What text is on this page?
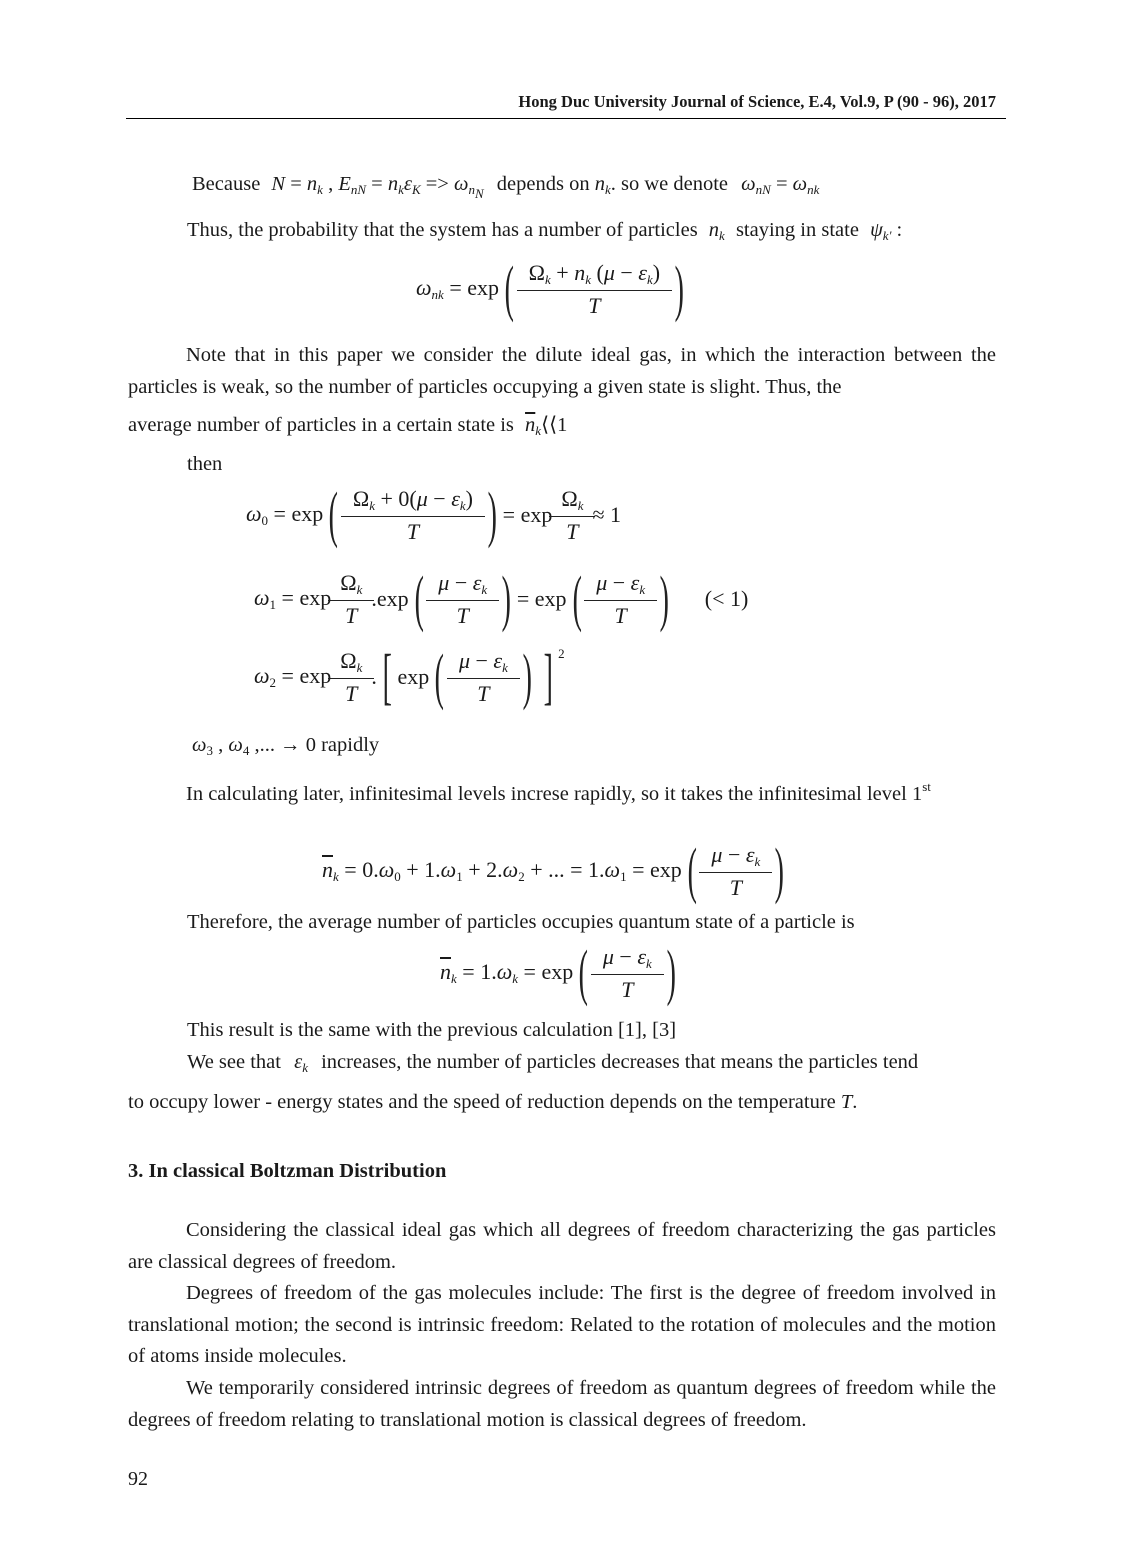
Hong Duc University Journal of Science, E.4, Vol.9, P (90 - 96), 2017
Because $N = n_k$ , $E_{nN} = n_k\varepsilon_K => \omega_{n_N}$ depends on $n_k$. so we denote $\omega_{nN} = \omega_{nk}$
Thus, the probability that the system has a number of particles $n_k$ staying in state $\psi_{k'}$ :
$\omega_{nk} = \exp$ ( $\frac{\Omega_k + n_k (\mu - \varepsilon_k)}{T}$ )
Note that in this paper we consider the dilute ideal gas, in which the interaction between the particles is weak, so the number of particles occupying a given state is slight. Thus, the
average number of particles in a certain state is $\overline{n}_k⟨⟨1$
then
$\omega_0 = \exp$ ( $\frac{\Omega_k + 0(\mu - \varepsilon_k)}{T}$ ) = $\exp \frac{\Omega_k}{T} \approx 1$
$\omega_1 = \exp \frac{\Omega_k}{T} .\exp$ ( $\frac{\mu - \varepsilon_k}{T}$ ) = exp ( $\frac{\mu - \varepsilon_k}{T}$ ) (< 1)
$\omega_2 = \exp \frac{\Omega_k}{T}$ . [ exp ( $\frac{\mu - \varepsilon_k}{T}$ ) ] $^2$
$\omega_3$ , $\omega_4$ ,... → 0 rapidly
In calculating later, infinitesimal levels increse rapidly, so it takes the infinitesimal level 1st
$\overline{n}_k = 0.\omega_0 + 1.\omega_1 + 2.\omega_2$ + ... = $1.\omega_1 = \exp$ ( $\frac{\mu - \varepsilon_k}{T}$ )
Therefore, the average number of particles occupies quantum state of a particle is
$\overline{n}_k = 1.\omega_k = \exp$ ( $\frac{\mu - \varepsilon_k}{T}$ )
This result is the same with the previous calculation [1], [3]
We see that $\varepsilon_k$ increases, the number of particles decreases that means the particles tend
to occupy lower - energy states and the speed of reduction depends on the temperature T.
3. In classical Boltzman Distribution
Considering the classical ideal gas which all degrees of freedom characterizing the gas particles are classical degrees of freedom.
Degrees of freedom of the gas molecules include: The first is the degree of freedom involved in translational motion; the second is intrinsic freedom: Related to the rotation of molecules and the motion of atoms inside molecules.
We temporarily considered intrinsic degrees of freedom as quantum degrees of freedom while the degrees of freedom relating to translational motion is classical degrees of freedom.
92
